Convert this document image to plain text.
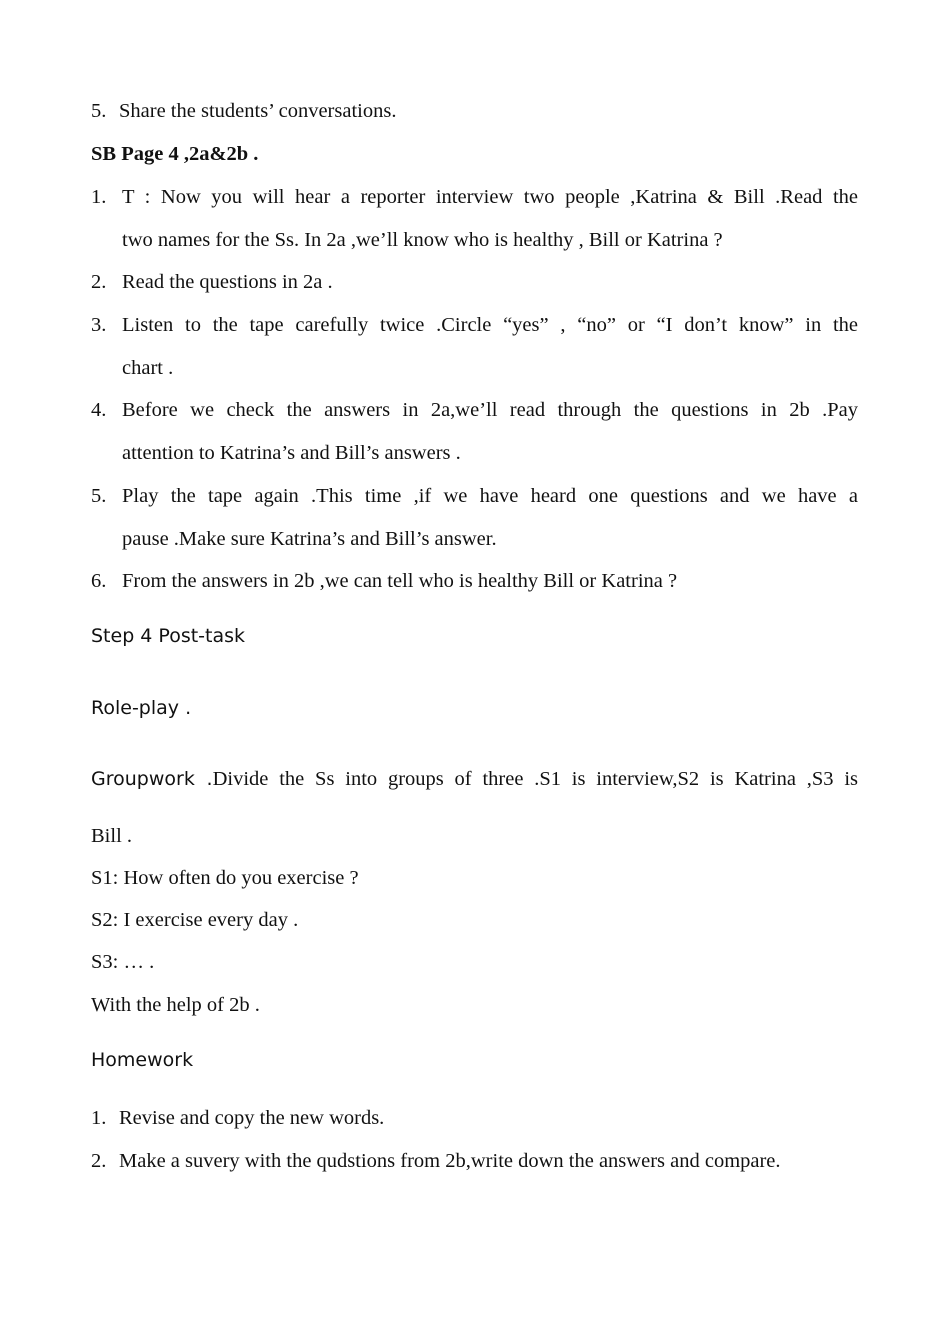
5. Share the students’ conversations.
SB Page 4 ,2a&2b .
1. T : Now you will hear a reporter interview two people ,Katrina & Bill .Read the
two names for the Ss. In 2a ,we’ll know who is healthy , Bill or Katrina ?
2. Read the questions in 2a .
3. Listen to the tape carefully twice .Circle “yes” , “no” or “I don’t know” in the
chart .
4. Before we check the answers in 2a,we’ll read through the questions in 2b .Pay
attention to Katrina’s and Bill’s answers .
5. Play the tape again .This time ,if we have heard one questions and we have a
pause .Make sure Katrina’s and Bill’s answer.
6. From the answers in 2b ,we can tell who is healthy Bill or Katrina ?
Step 4 Post-task
Role-play .
Groupwork .Divide the Ss into groups of three .S1 is interview,S2 is Katrina ,S3 is
Bill .
S1: How often do you exercise ?
S2: I exercise every day .
S3: … .
With the help of 2b .
Homework
1. Revise and copy the new words.
2. Make a suvery with the qudstions from 2b,write down the answers and compare.
